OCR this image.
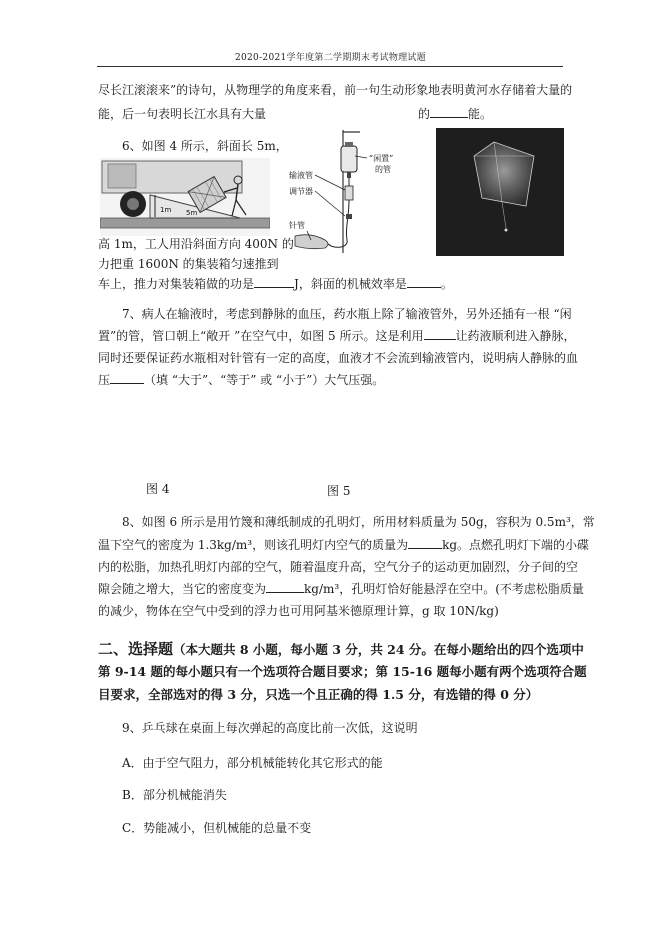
2020-2021学年度第二学期期末考试物理试题
尽长江滚滚来”的诗句，从物理学的角度来看，前一句生动形象地表明黄河水存储着大量的
能，后一句表明长江水具有大量	的	能。
6、如图 4 所示，斜面长 5m，
1m 5m
“闲置”
的管
输液管
调节器
针管
高 1m，工人用沿斜面方向 400N 的
力把重 1600N 的集装箱匀速推到
车上，推力对集装箱做的功是	J，斜面的机械效率是	。
7、病人在输液时，考虑到静脉的血压，药水瓶上除了输液管外，另外还插有一根 “闲
置”的管，管口朝上“敞开 ”在空气中，如图 5 所示。这是利用	让药液顺利进入静脉，
同时还要保证药水瓶相对针管有一定的高度，血液才不会流到输液管内，说明病人静脉的血
压	（填 “大于”、“等于” 或 “小于”）大气压强。
图 4	图 5
8、如图 6 所示是用竹篾和薄纸制成的孔明灯，所用材料质量为 50g，容积为 0.5m³，常
温下空气的密度为 1.3kg/m³，则该孔明灯内空气的质量为	kg。点燃孔明灯下端的小碟
内的松脂，加热孔明灯内部的空气，随着温度升高，空气分子的运动更加剧烈，分子间的空
隙会随之增大，当它的密度变为	kg/m³，孔明灯恰好能悬浮在空中。(不考虑松脂质量
的减少，物体在空气中受到的浮力也可用阿基米德原理计算，g 取 10N/kg)
二、选择题（本大题共 8 小题，每小题 3 分，共 24 分。在每小题给出的四个选项中
第 9-14 题的每小题只有一个选项符合题目要求；第 15-16 题每小题有两个选项符合题
目要求，全部选对的得 3 分，只选一个且正确的得 1.5 分，有选错的得 0 分）
9、乒乓球在桌面上每次弹起的高度比前一次低，这说明
A．由于空气阻力，部分机械能转化其它形式的能
B．部分机械能消失
C．势能减小，但机械能的总量不变
